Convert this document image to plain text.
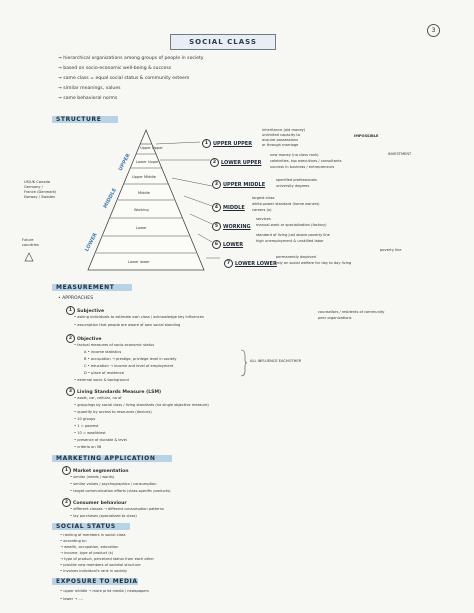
3
SOCIAL CLASS
→ hierarchical organizations among groups of people in society
→ based on socio-economic well-being & success
→ same class = equal social status & community esteem
→ similar meanings, values
→ same behavioral norms
STRUCTURE
US/UK Canada
Germany /
France (Denmark)
Norway / Sweden
Future
countries
Upper Upper
Lower Upper
Upper Middle
Middle
Working
Lower
Lower lower
UPPER
MIDDLE
LOWER
1 UPPER UPPER
inheritance (old money)
unlimited capacity to
acquire possessions
or through marriage
IMPOSSIBLE
2 LOWER UPPER
new money (no class rank)
celebrities, top executives / consultants
success in business / entrepreneurs
INVESTMENT
3 UPPER MIDDLE
specified professionals
university degrees
4 MIDDLE
largest class
white-power standard (home owners)
careers (a)
5 WORKING
services
manual-work or specialization (factory)
6 LOWER
standard of living just above poverty line
high unemployment & unskilled labor
7 LOWER LOWER
poverty line
permanently deprived
rely on social welfare for day to day living
MEASUREMENT
• APPROACHES
1 Subjective
• asking individuals to estimate own class / acknowledge key influences
• assumption that people are aware of own social standing
counsellors / residents of community
peer organizations
2 Objective
• factual measures of socio-economic status
A • income statistics
B • occupation → prestige, privilege level in society
C • education → income and level of employment
D • place of residence
• external socio & background
ALL INFLUENCE EACHOTHER
3 Living Standards Measure (LSM)
• asset, car, cellular, no of
• groupings by social class / living standards (no single objective measure)
• quantify by access to resources (devices)
• 10 groups
• 1 = poorest
• 10 = wealthiest
• presence of durable & level
• criteria on 58
MARKETING APPLICATION
1 Market segmentation
• similar (needs / wants)
• similar values / psychographics / consumption
• target communication efforts (class-specific products)
2 Consumer behaviour
• different classes → different consumption patterns
• lay purchases (specialized to class)
SOCIAL STATUS
• ranking of members in social class
• according to:
→ wealth, occupation, education
→ income, type of product (s)
→ type of product, perceived status from each other
• provide new members of societal structure
• involves individual's rank in society
EXPOSURE TO MEDIA
• upper middle → more print media / newspapers
• lower → ....
